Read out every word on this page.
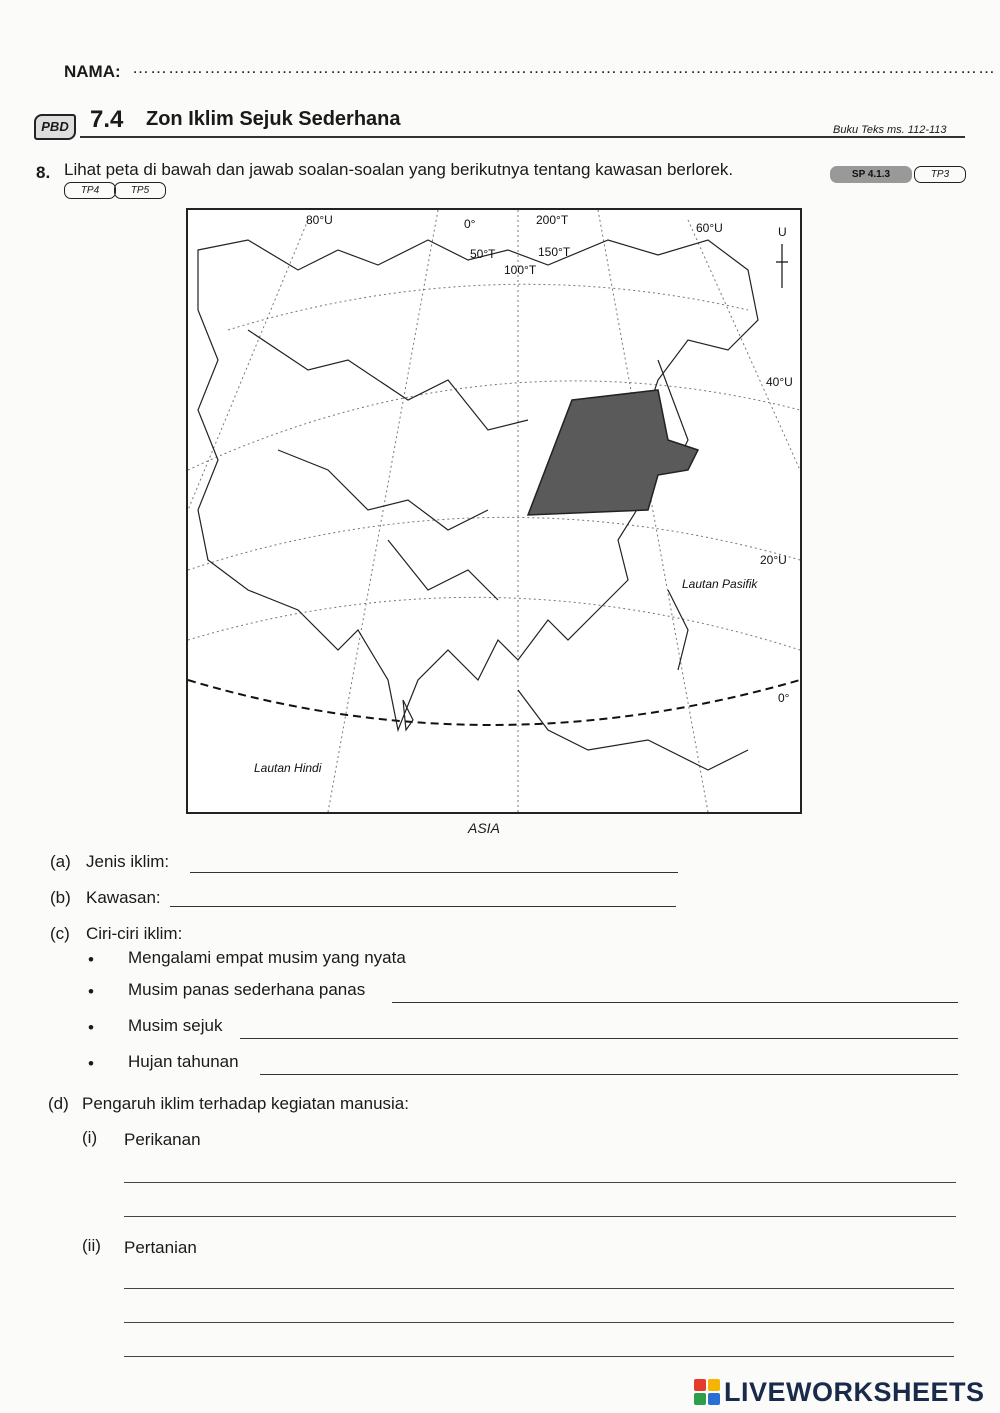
NAMA: ………………………………………………………………………………………………………………………………
PBD 7.4 Zon Iklim Sejuk Sederhana	Buku Teks ms. 112-113
8. Lihat peta di bawah dan jawab soalan-soalan yang berikutnya tentang kawasan berlorek.	SP 4.1.3	TP3
TP4	TP5
80°U	0°	200°T
60°U
50°T	150°T
100°T
U
40°U
20°U
Lautan Pasifik
0°
Lautan Hindi
ASIA
(a) Jenis iklim:
(b) Kawasan:
(c) Ciri-ciri iklim:
• Mengalami empat musim yang nyata
• Musim panas sederhana panas
• Musim sejuk
• Hujan tahunan
(d) Pengaruh iklim terhadap kegiatan manusia:
(i) Perikanan
(ii) Pertanian
LIVEWORKSHEETS
